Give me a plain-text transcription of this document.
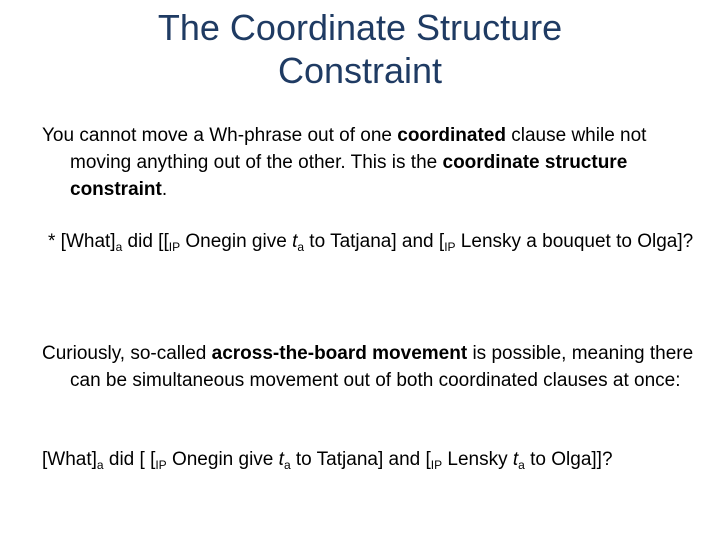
The Coordinate Structure
Constraint
You cannot move a Wh-phrase out of one coordinated clause while not moving anything out of the other. This is the coordinate structure constraint.
* $[What]_a$ did [[$_{IP}$ Onegin give $t_a$ to Tatjana] and [$_{IP}$ Lensky a bouquet to Olga]?
Curiously, so-called across-the-board movement is possible, meaning there can be simultaneous movement out of both coordinated clauses at once:
$[What]_a$ did [ [$_{IP}$ Onegin give $t_a$ to Tatjana] and [$_{IP}$ Lensky $t_a$ to Olga]]?
